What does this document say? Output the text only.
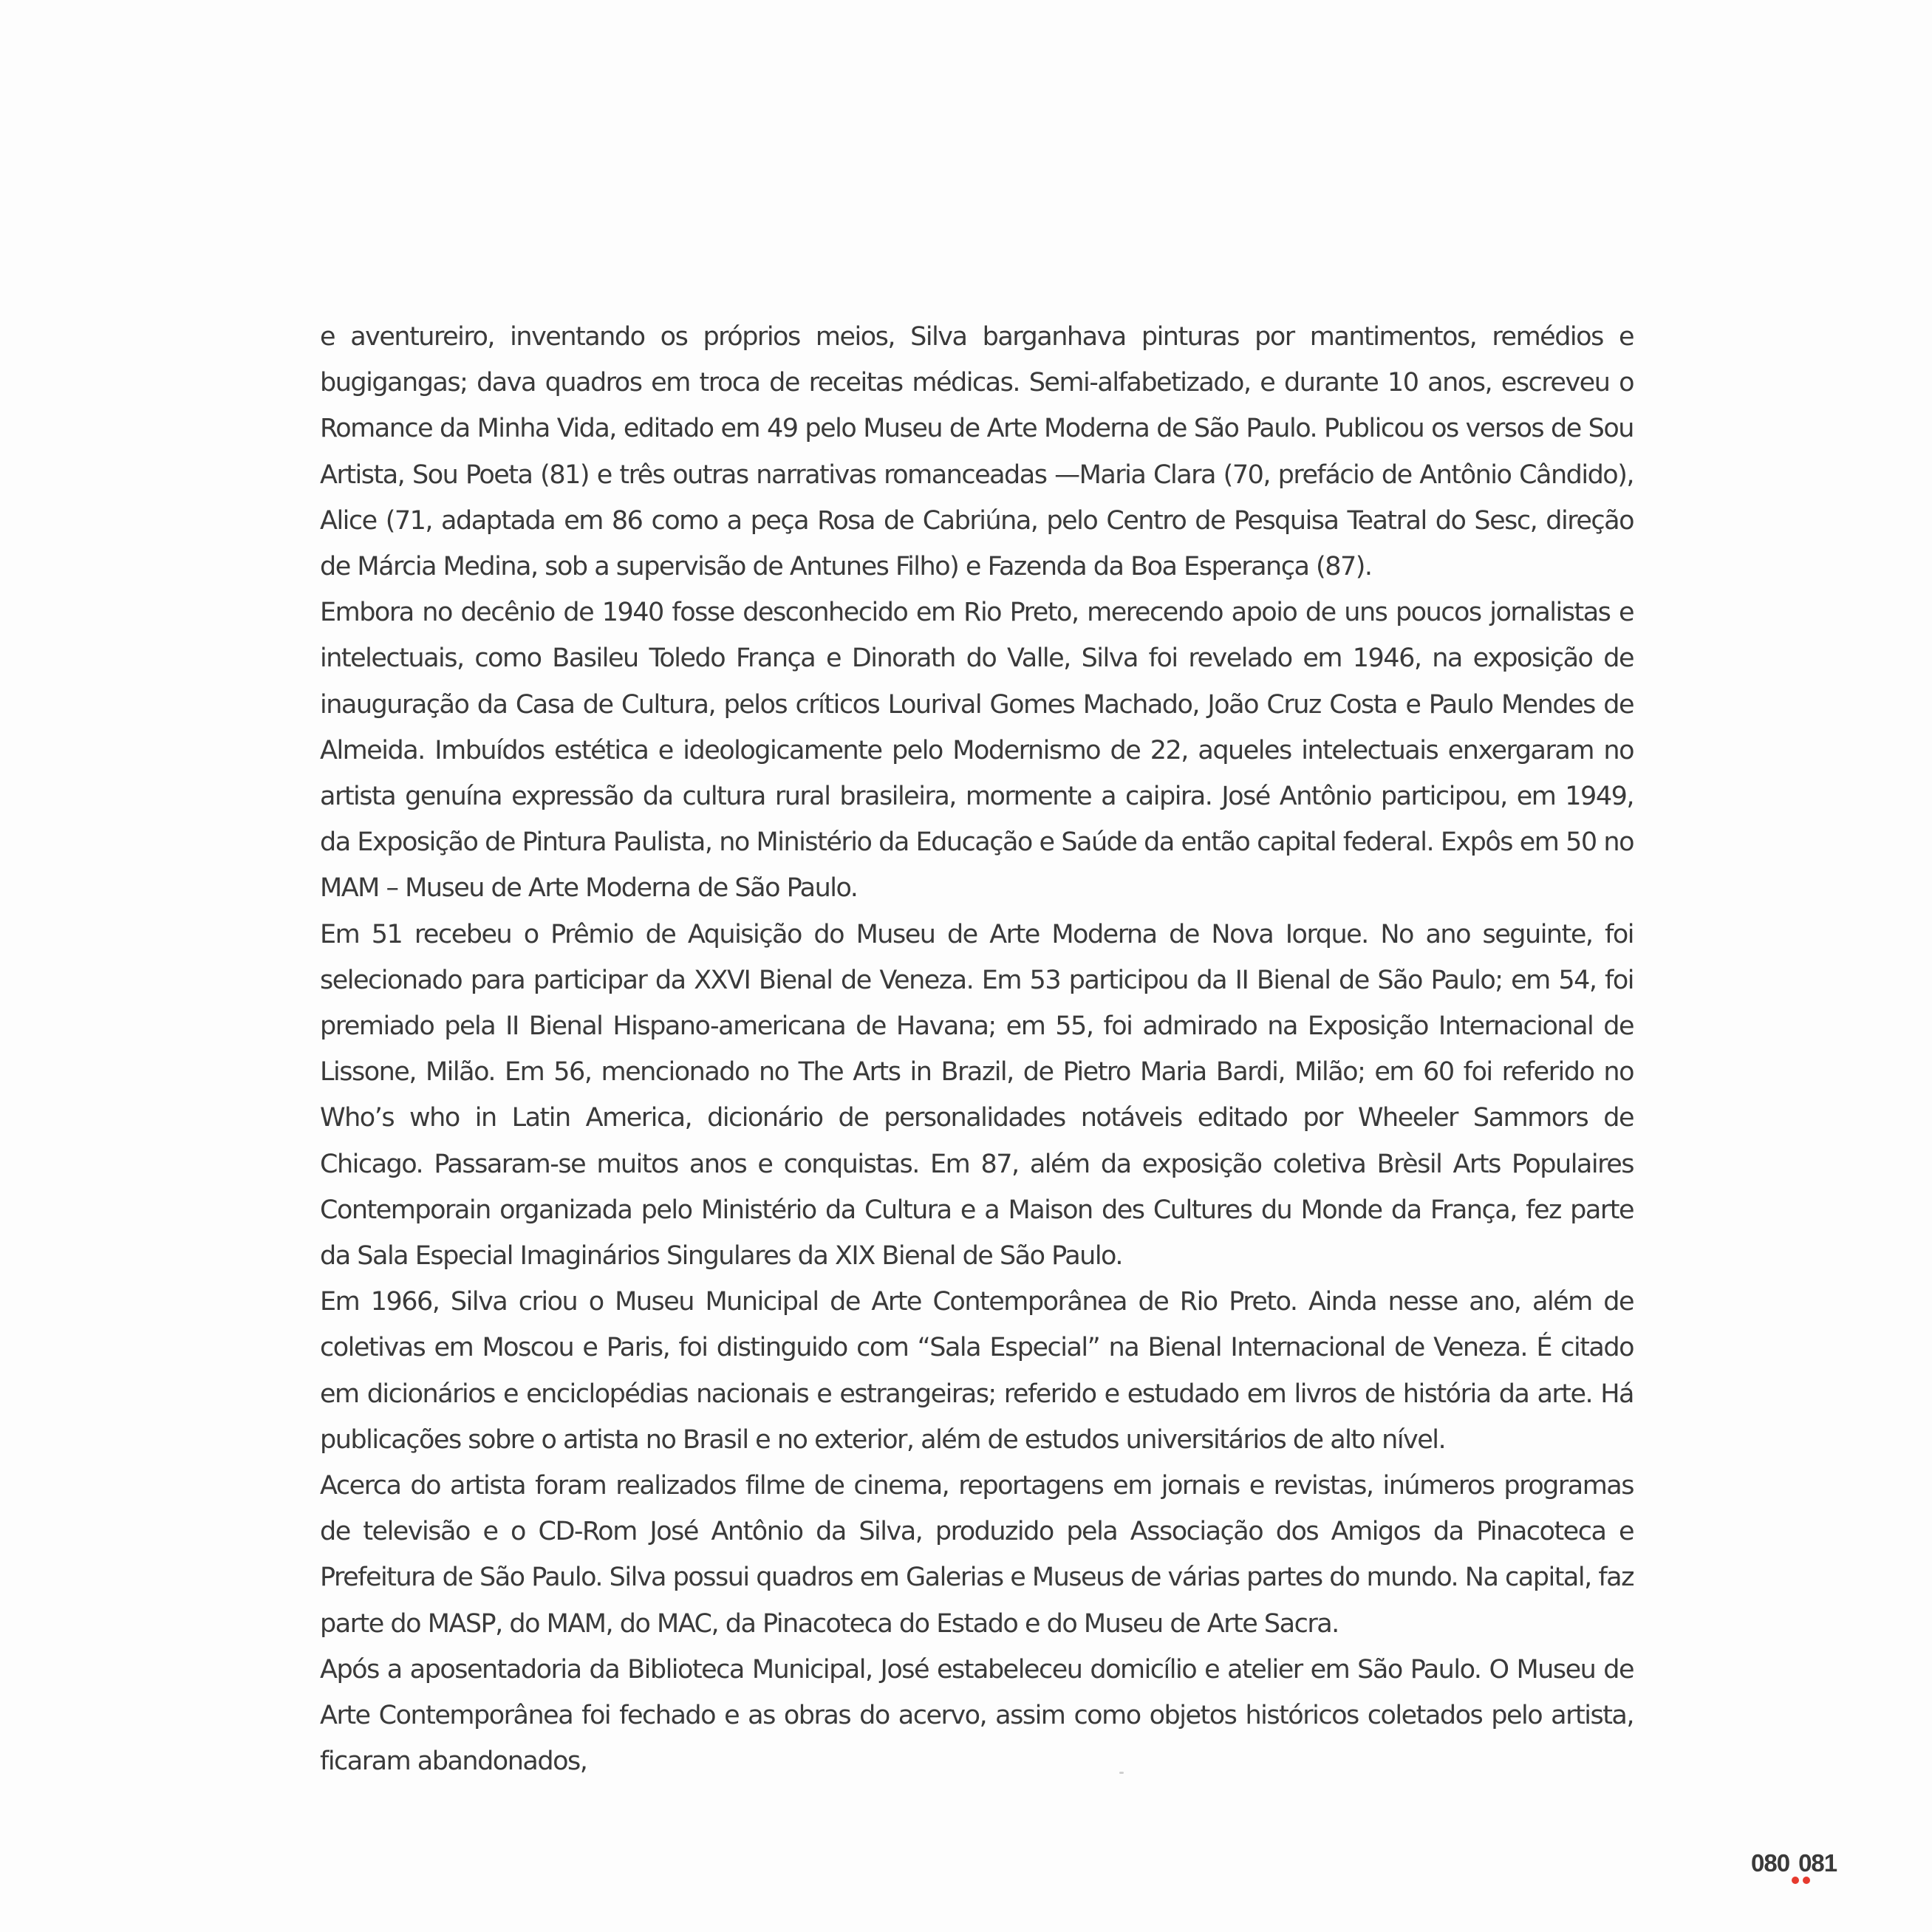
e aventureiro, inventando os próprios meios, Silva barganhava pinturas por mantimentos, remédios e bugigangas; dava quadros em troca de receitas médicas. Semi-alfabetizado, e durante 10 anos, escreveu o Romance da Minha Vida, editado em 49 pelo Museu de Arte Moderna de São Paulo. Publicou os versos de Sou Artista, Sou Poeta (81) e três outras narrativas romanceadas —Maria Clara (70, prefácio de Antônio Cândido), Alice (71, adaptada em 86 como a peça Rosa de Cabriúna, pelo Centro de Pesquisa Teatral do Sesc, direção de Márcia Medina, sob a supervisão de Antunes Filho) e Fazenda da Boa Esperança (87).

Embora no decênio de 1940 fosse desconhecido em Rio Preto, merecendo apoio de uns poucos jornalistas e intelectuais, como Basileu Toledo França e Dinorath do Valle, Silva foi revelado em 1946, na exposição de inauguração da Casa de Cultura, pelos críticos Lourival Gomes Machado, João Cruz Costa e Paulo Mendes de Almeida. Imbuídos estética e ideologicamente pelo Modernismo de 22, aqueles intelectuais enxergaram no artista genuína expressão da cultura rural brasileira, mormente a caipira. José Antônio participou, em 1949, da Exposição de Pintura Paulista, no Ministério da Educação e Saúde da então capital federal. Expôs em 50 no MAM – Museu de Arte Moderna de São Paulo.

Em 51 recebeu o Prêmio de Aquisição do Museu de Arte Moderna de Nova Iorque. No ano seguinte, foi selecionado para participar da XXVI Bienal de Veneza. Em 53 participou da II Bienal de São Paulo; em 54, foi premiado pela II Bienal Hispano-americana de Havana; em 55, foi admirado na Exposição Internacional de Lissone, Milão. Em 56, mencionado no The Arts in Brazil, de Pietro Maria Bardi, Milão; em 60 foi referido no Who’s who in Latin America, dicionário de personalidades notáveis editado por Wheeler Sammors de Chicago. Passaram-se muitos anos e conquistas. Em 87, além da exposição coletiva Brèsil Arts Populaires Contemporain organizada pelo Ministério da Cultura e a Maison des Cultures du Monde da França, fez parte da Sala Especial Imaginários Singulares da XIX Bienal de São Paulo.

Em 1966, Silva criou o Museu Municipal de Arte Contemporânea de Rio Preto. Ainda nesse ano, além de coletivas em Moscou e Paris, foi distinguido com “Sala Especial” na Bienal Internacional de Veneza. É citado em dicionários e enciclopédias nacionais e estrangeiras; referido e estudado em livros de história da arte. Há publicações sobre o artista no Brasil e no exterior, além de estudos universitários de alto nível.

Acerca do artista foram realizados filme de cinema, reportagens em jornais e revistas, inúmeros programas de televisão e o CD-Rom José Antônio da Silva, produzido pela Associação dos Amigos da Pinacoteca e Prefeitura de São Paulo. Silva possui quadros em Galerias e Museus de várias partes do mundo. Na capital, faz parte do MASP, do MAM, do MAC, da Pinacoteca do Estado e do Museu de Arte Sacra.

Após a aposentadoria da Biblioteca Municipal, José estabeleceu domicílio e atelier em São Paulo. O Museu de Arte Contemporânea foi fechado e as obras do acervo, assim como objetos históricos coletados pelo artista, ficaram abandonados,

080 081
